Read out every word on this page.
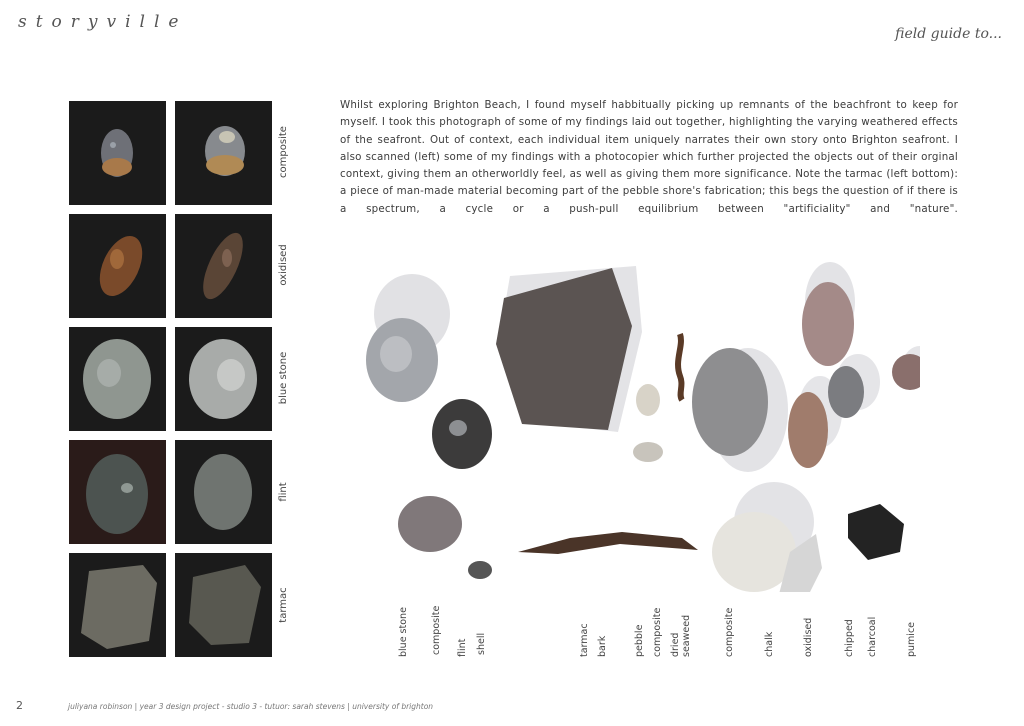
storyville
field guide to...
composite
oxidised
blue stone
flint
tarmac
Whilst exploring Brighton Beach, I found myself habbitually picking up remnants of the beachfront to keep for myself. I took this photograph of some of my findings laid out together, highlighting the varying weathered effects of the seafront. Out of context, each individual item uniquely narrates their own story onto Brighton seafront. I also scanned (left) some of my findings with a photocopier which further projected the objects out of their orginal context, giving them an otherworldly feel, as well as giving them more significance. Note the tarmac (left bottom): a piece of man-made material becoming part of the pebble shore's fabrication; this begs the question of if there is a spectrum, a cycle or a push-pull equilibrium between "artificiality" and "nature".
blue stone composite flint shell	tarmac bark	pebble composite dried seaweed	composite	chalk	oxidised	chipped charcoal	pumice
2	juliyana robinson | year 3 design project - studio 3 - tutuor: sarah stevens | university of brighton
